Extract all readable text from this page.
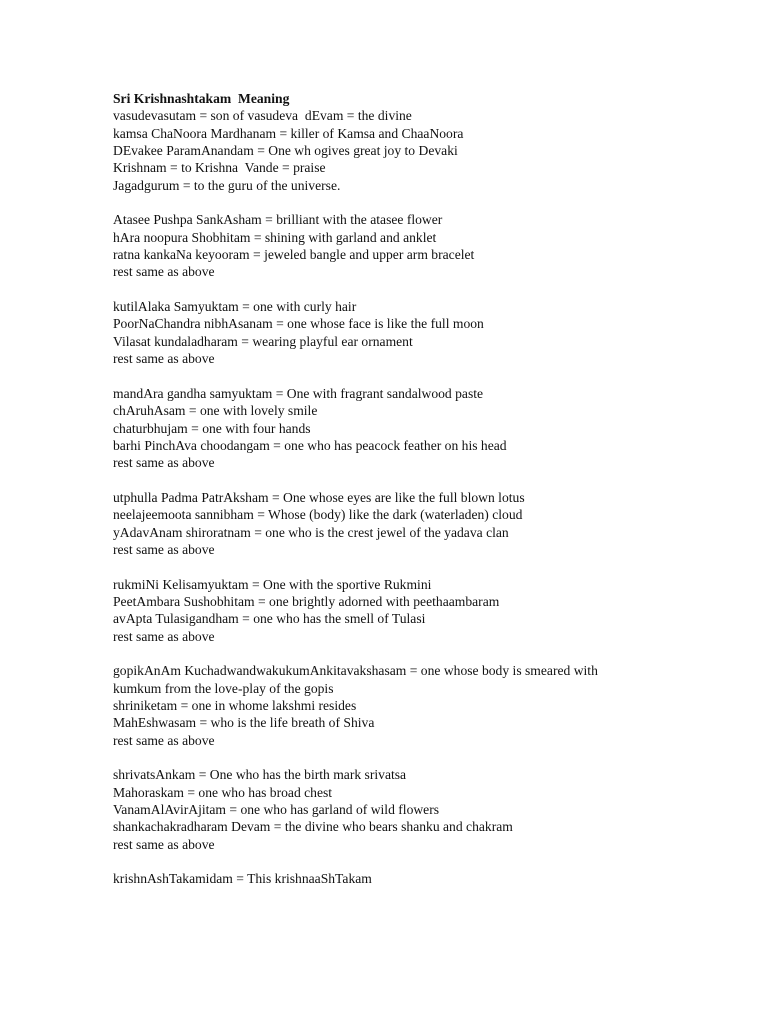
Sri Krishnashtakam  Meaning
vasudevasutam = son of vasudeva  dEvam = the divine
kamsa ChaNoora Mardhanam = killer of Kamsa and ChaaNoora
DEvakee ParamAnandam = One wh ogives great joy to Devaki
Krishnam = to Krishna  Vande = praise
Jagadgurum = to the guru of the universe.
Atasee Pushpa SankAsham = brilliant with the atasee flower
hAra noopura Shobhitam = shining with garland and anklet
ratna kankaNa keyooram = jeweled bangle and upper arm bracelet
rest same as above
kutilAlaka Samyuktam = one with curly hair
PoorNaChandra nibhAsanam = one whose face is like the full moon
Vilasat kundaladharam = wearing playful ear ornament
rest same as above
mandAra gandha samyuktam = One with fragrant sandalwood paste
chAruhAsam = one with lovely smile
chaturbhujam = one with four hands
barhi PinchAva choodangam = one who has peacock feather on his head
rest same as above
utphulla Padma PatrAksham = One whose eyes are like the full blown lotus
neelajeemoota sannibham = Whose (body) like the dark (waterladen) cloud
yAdavAnam shiroratnam = one who is the crest jewel of the yadava clan
rest same as above
rukmiNi Kelisamyuktam = One with the sportive Rukmini
PeetAmbara Sushobhitam = one brightly adorned with peethaambaram
avApta Tulasigandham = one who has the smell of Tulasi
rest same as above
gopikAnAm KuchadwandwakukumAnkitavakshasam = one whose body is smeared with
kumkum from the love-play of the gopis
shriniketam = one in whome lakshmi resides
MahEshwasam = who is the life breath of Shiva
rest same as above
shrivatsAnkam = One who has the birth mark srivatsa
Mahoraskam = one who has broad chest
VanamAlAvirAjitam = one who has garland of wild flowers
shankachakradharam Devam = the divine who bears shanku and chakram
rest same as above
krishnAshTakamidam = This krishnaaShTakam
